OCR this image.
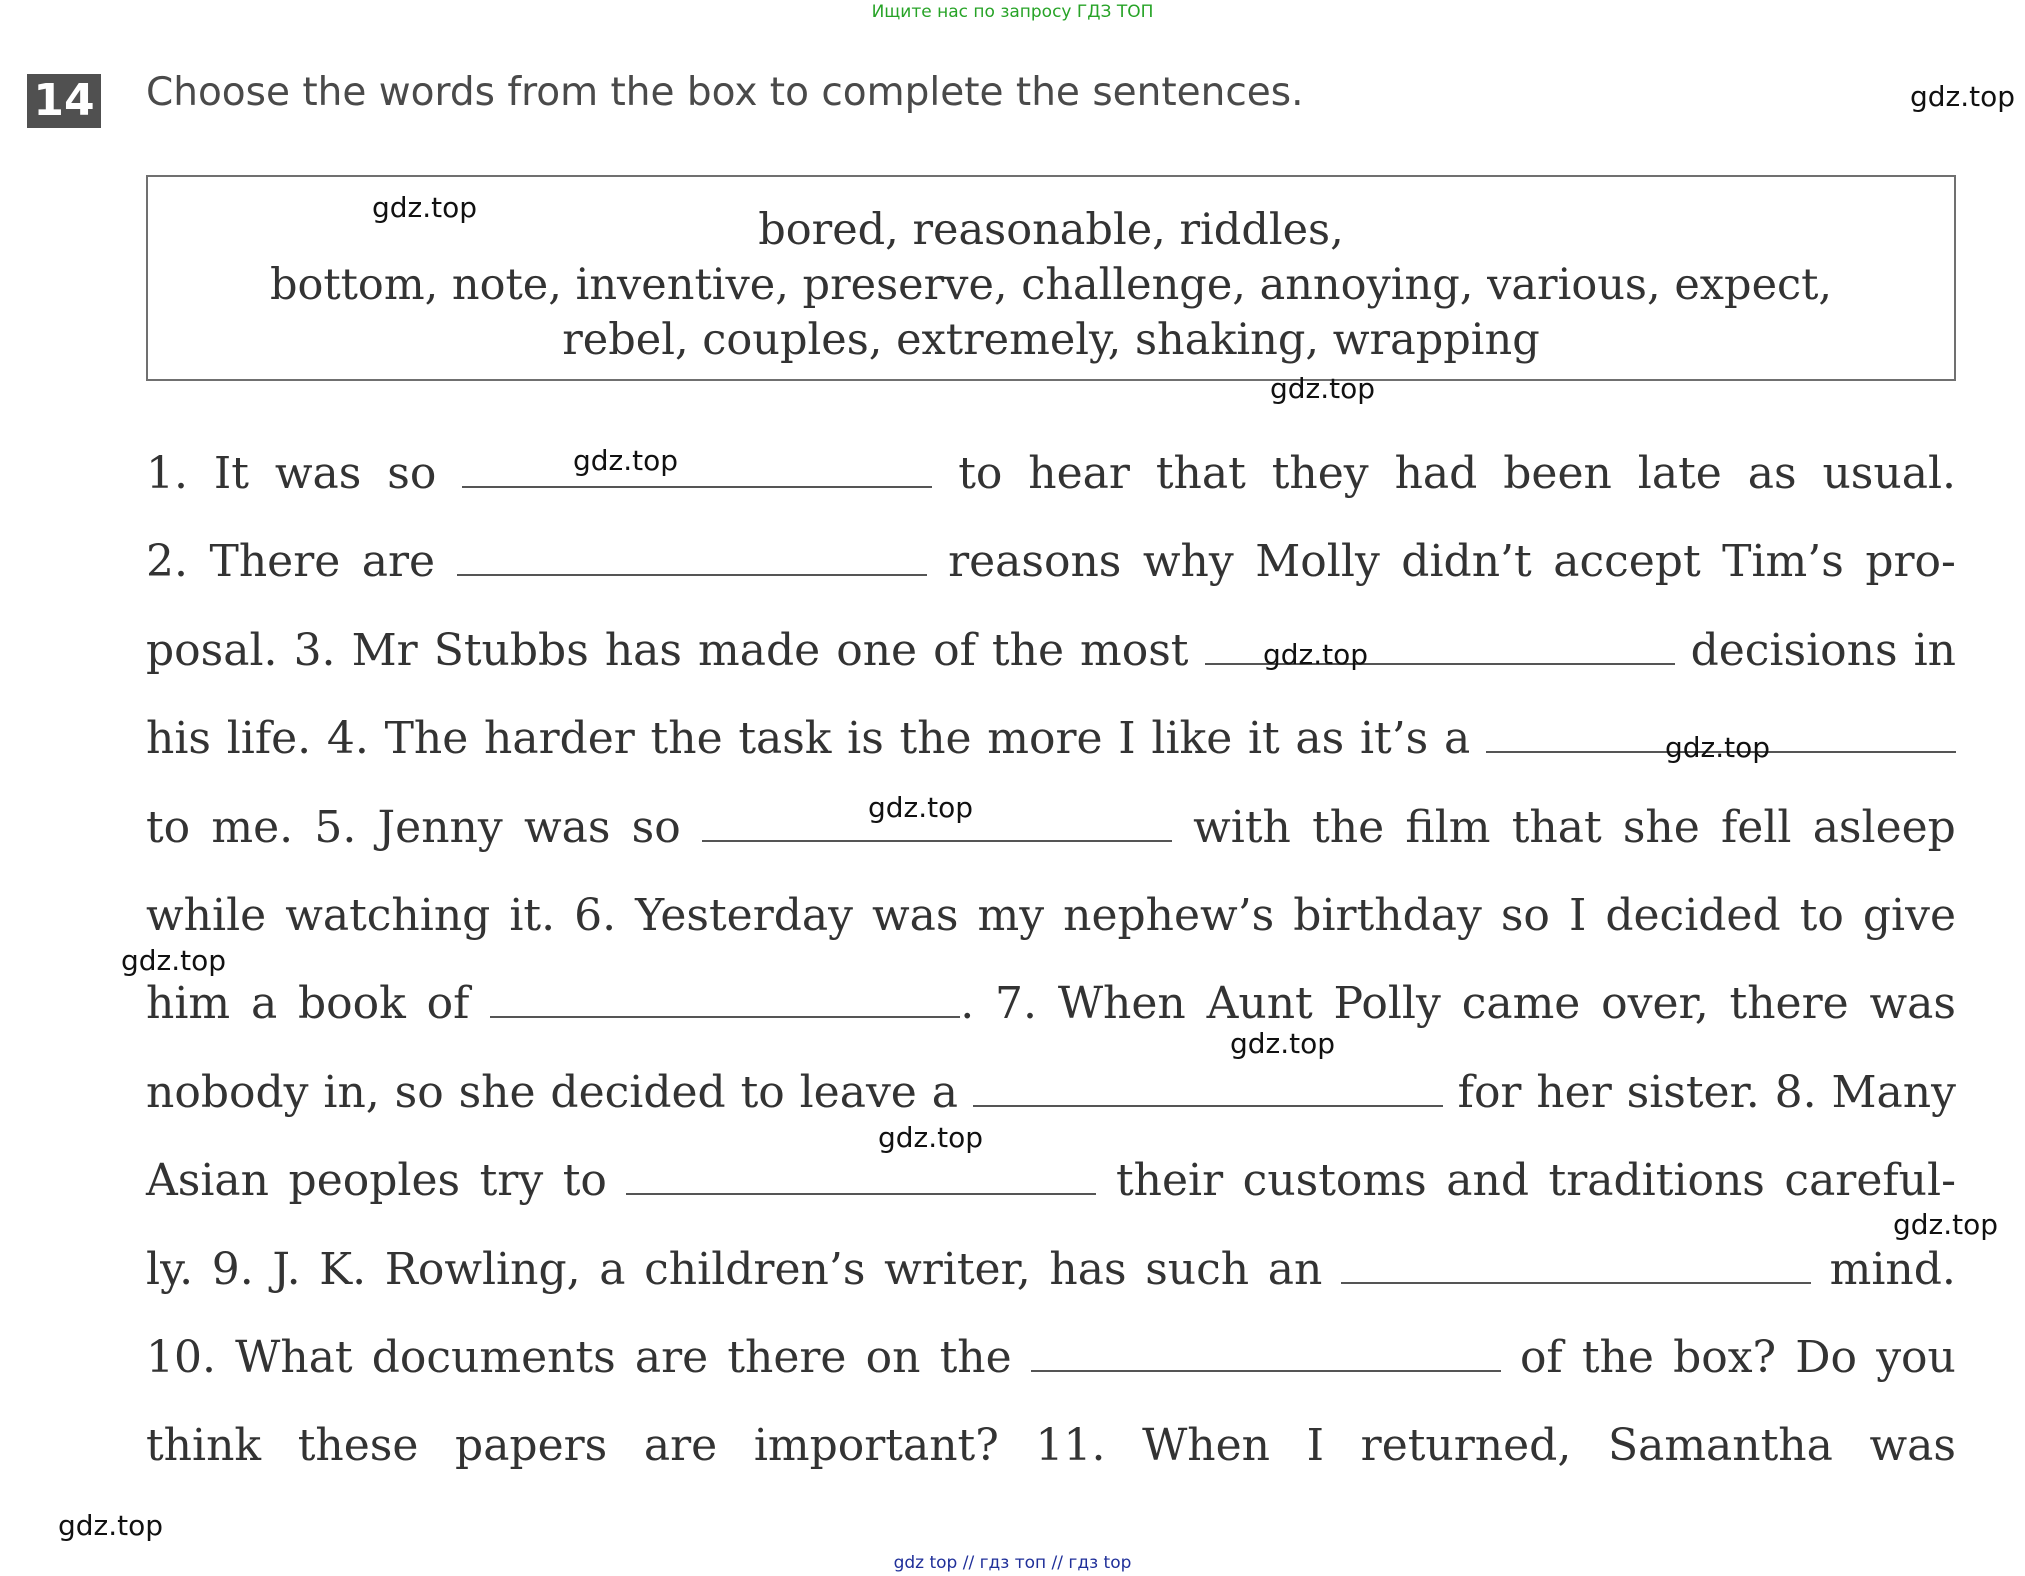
Ищите нас по запросу ГДЗ ТОП
14 Choose the words from the box to complete the sentences.
bored, reasonable, riddles,
bottom, note, inventive, preserve, challenge, annoying, various, expect,
rebel, couples, extremely, shaking, wrapping
1. It was so	to hear that they had been late as usual.
2. There are	reasons why Molly didn’t accept Tim’s pro-
posal. 3. Mr Stubbs has made one of the most	decisions in
his life. 4. The harder the task is the more I like it as it’s a
to me. 5. Jenny was so	with the film that she fell asleep
while watching it. 6. Yesterday was my nephew’s birthday so I decided to give
him a book of	. 7. When Aunt Polly came over, there was
nobody in, so she decided to leave a	for her sister. 8. Many
Asian peoples try to	their customs and traditions careful-
ly. 9. J. K. Rowling, a children’s writer, has such an	mind.
10. What documents are there on the	of the box? Do you
think these papers are important? 11. When I returned, Samantha was
gdz.top
gdz.top
gdz.top
gdz.top
gdz.top
gdz.top
gdz.top
gdz.top
gdz.top
gdz.top
gdz.top
gdz.top
gdz top // гдз топ // гдз top
